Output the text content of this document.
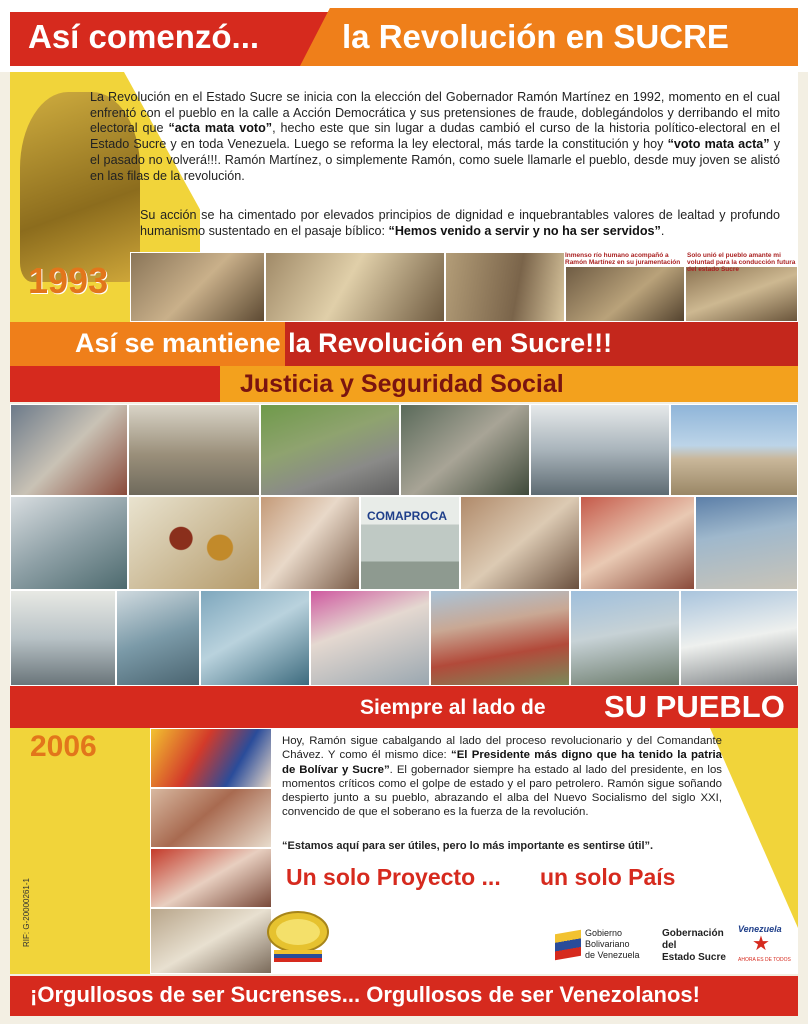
Así comenzó...	la Revolución en SUCRE
1993
La Revolución en el Estado Sucre se inicia con la elección del Gobernador Ramón Martínez en 1992, momento en el cual enfrentó con el pueblo en la calle a Acción Democrática y sus pretensiones de fraude, doblegándolos y derribando el mito electoral que “acta mata voto”, hecho este que sin lugar a dudas cambió el curso de la historia político-electoral en el Estado Sucre y en toda Venezuela. Luego se reforma la ley electoral, más tarde la constitución y hoy “voto mata acta” y el pasado no volverá!!!. Ramón Martínez, o simplemente Ramón, como suele llamarle el pueblo, desde muy joven se alistó en las filas de la revolución.
Su acción se ha cimentado por elevados principios de dignidad e inquebrantables valores de lealtad y profundo humanismo sustentado en el pasaje bíblico: “Hemos venido a servir y no ha ser servidos”.
Inmenso río humano acompañó a Ramón Martínez en su juramentación
Solo unió el pueblo amante mi voluntad para la conducción futura del estado Sucre
Así se mantiene la Revolución en Sucre!!!
Justicia y Seguridad Social
COMAPROCA
Siempre al lado de SU PUEBLO
2006
RIF: G-20000261-1
Hoy, Ramón sigue cabalgando al lado del proceso revolucionario y del Comandante Chávez. Y como él mismo dice: “El Presidente más digno que ha tenido la patria de Bolívar y Sucre”. El gobernador siempre ha estado al lado del presidente, en los momentos críticos como el golpe de estado y el paro petrolero. Ramón sigue soñando despierto junto a su pueblo, abrazando el alba del Nuevo Socialismo del siglo XXI, convencido de que el soberano es la fuerza de la revolución.
“Estamos aquí para ser útiles, pero lo más importante es sentirse útil”.
Un solo Proyecto ... un solo País
Gobierno
Bolivariano
de Venezuela
Gobernación
del
Estado Sucre
Venezuela
★
AHORA ES DE TODOS
¡Orgullosos de ser Sucrenses... Orgullosos de ser Venezolanos!
